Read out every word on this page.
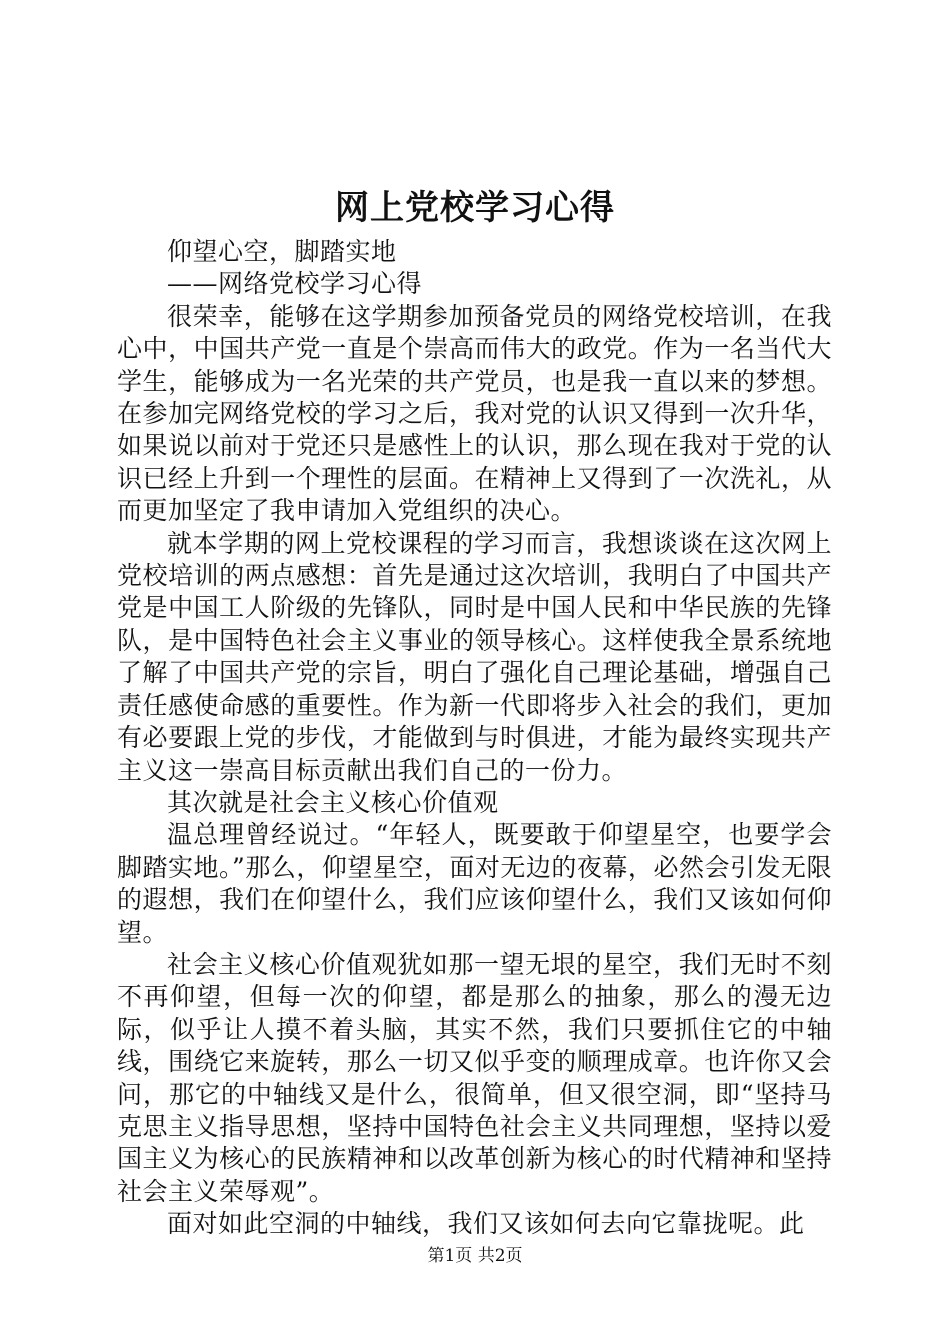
网上党校学习心得

仰望心空，脚踏实地

——网络党校学习心得

很荣幸，能够在这学期参加预备党员的网络党校培训，在我心中，中国共产党一直是个崇高而伟大的政党。作为一名当代大学生，能够成为一名光荣的共产党员，也是我一直以来的梦想。在参加完网络党校的学习之后，我对党的认识又得到一次升华，如果说以前对于党还只是感性上的认识，那么现在我对于党的认识已经上升到一个理性的层面。在精神上又得到了一次洗礼，从而更加坚定了我申请加入党组织的决心。

就本学期的网上党校课程的学习而言，我想谈谈在这次网上党校培训的两点感想：首先是通过这次培训，我明白了中国共产党是中国工人阶级的先锋队，同时是中国人民和中华民族的先锋队，是中国特色社会主义事业的领导核心。这样使我全景系统地了解了中国共产党的宗旨，明白了强化自己理论基础，增强自己责任感使命感的重要性。作为新一代即将步入社会的我们，更加有必要跟上党的步伐，才能做到与时俱进，才能为最终实现共产主义这一崇高目标贡献出我们自己的一份力。

其次就是社会主义核心价值观

温总理曾经说过。“年轻人，既要敢于仰望星空，也要学会脚踏实地。”那么，仰望星空，面对无边的夜幕，必然会引发无限的遐想，我们在仰望什么，我们应该仰望什么，我们又该如何仰望。

社会主义核心价值观犹如那一望无垠的星空，我们无时不刻不再仰望，但每一次的仰望，都是那么的抽象，那么的漫无边际，似乎让人摸不着头脑，其实不然，我们只要抓住它的中轴线，围绕它来旋转，那么一切又似乎变的顺理成章。也许你又会问，那它的中轴线又是什么，很简单，但又很空洞，即“坚持马克思主义指导思想，坚持中国特色社会主义共同理想，坚持以爱国主义为核心的民族精神和以改革创新为核心的时代精神和坚持社会主义荣辱观”。

面对如此空洞的中轴线，我们又该如何去向它靠拢呢。此

第1页 共2页
